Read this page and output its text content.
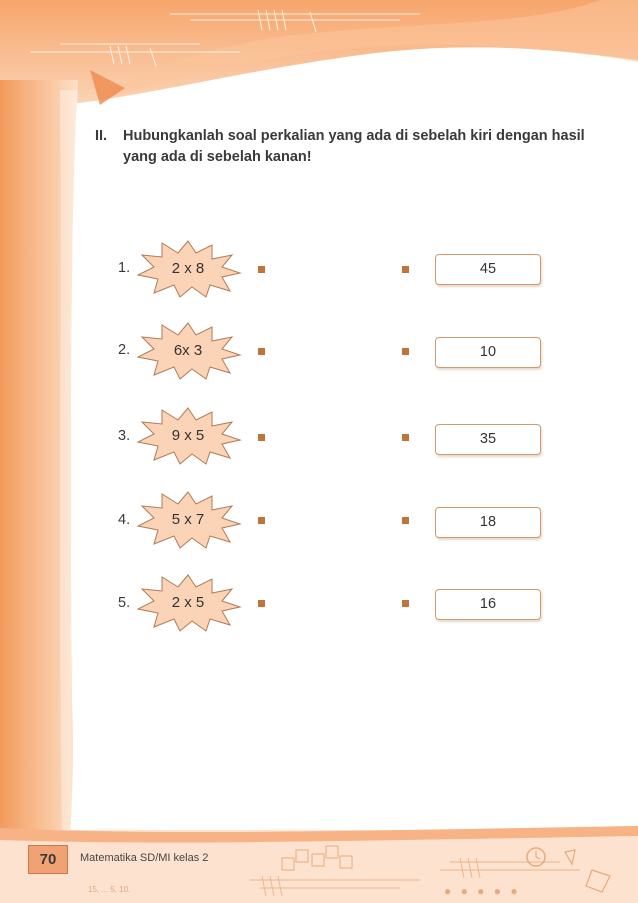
II. Hubungkanlah soal perkalian yang ada di sebelah kiri dengan hasil yang ada di sebelah kanan!
1.	2 x 8	45
2.	6x 3	10
3.	9 x 5	35
4.	5 x 7	18
5.	2 x 5	16
70	Matematika SD/MI kelas 2
15, ... 5, 10.	● ● ● ● ●
